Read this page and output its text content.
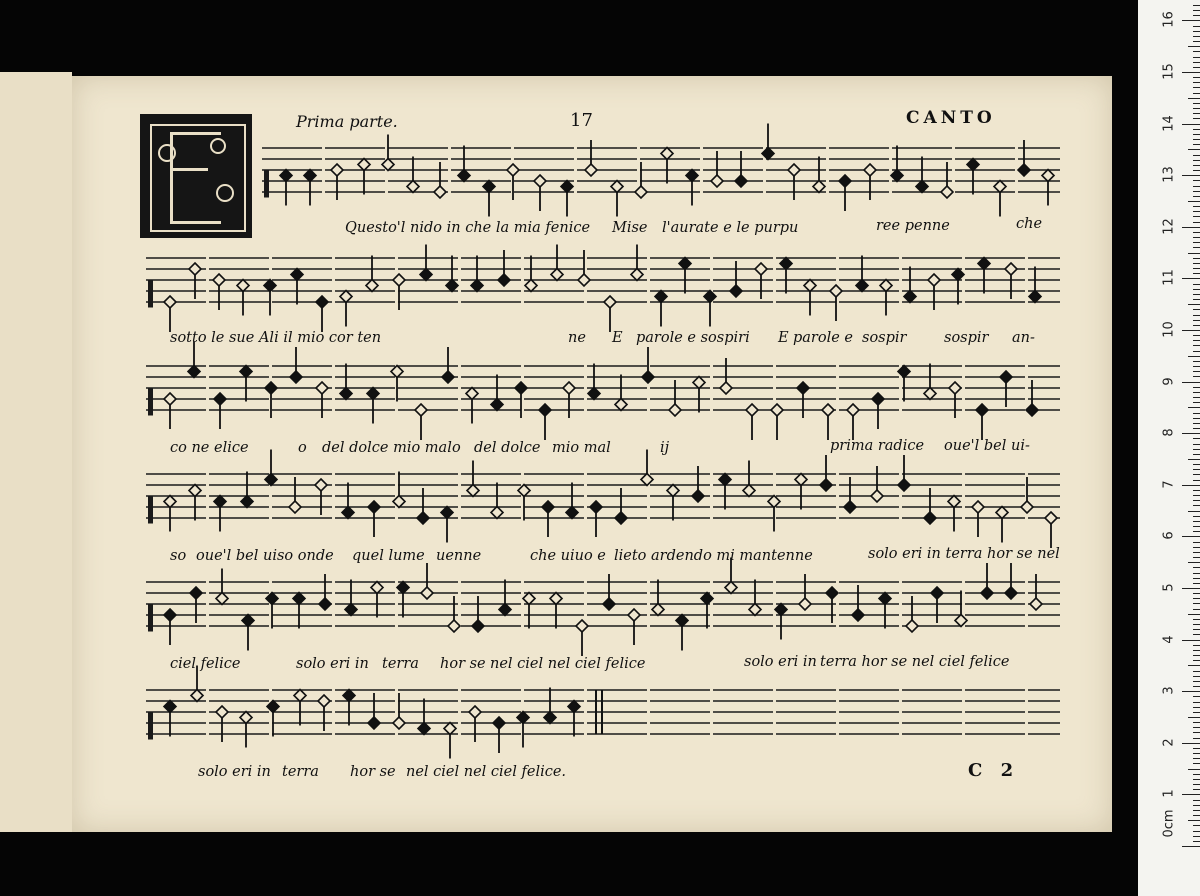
Prima parte.	17	CANTO
Questo'l nido in che la mia fenice Mise l'aurate e le purpu	ree penne	che
sotto le sue Ali il mio cor ten	ne E parole e sospiri E parole e sospir	sospir an-
co ne elice	o del dolce mio mal o del dolce mio mal	ij	prima radice oue'l bel ui-
so oue'l bel uiso onde quel lume uenne	che uiuo e lieto ardendo mi mantenne	solo eri in terra hor se nel
ciel felice	solo eri in terra hor se nel ciel nel ciel felice	solo eri in terra hor se nel ciel felice
solo eri in terra hor se nel ciel nel ciel felice.	C 2
1
2
3
4
5
6
7
8
9
10
11
12
13
14
15
16
0cm
